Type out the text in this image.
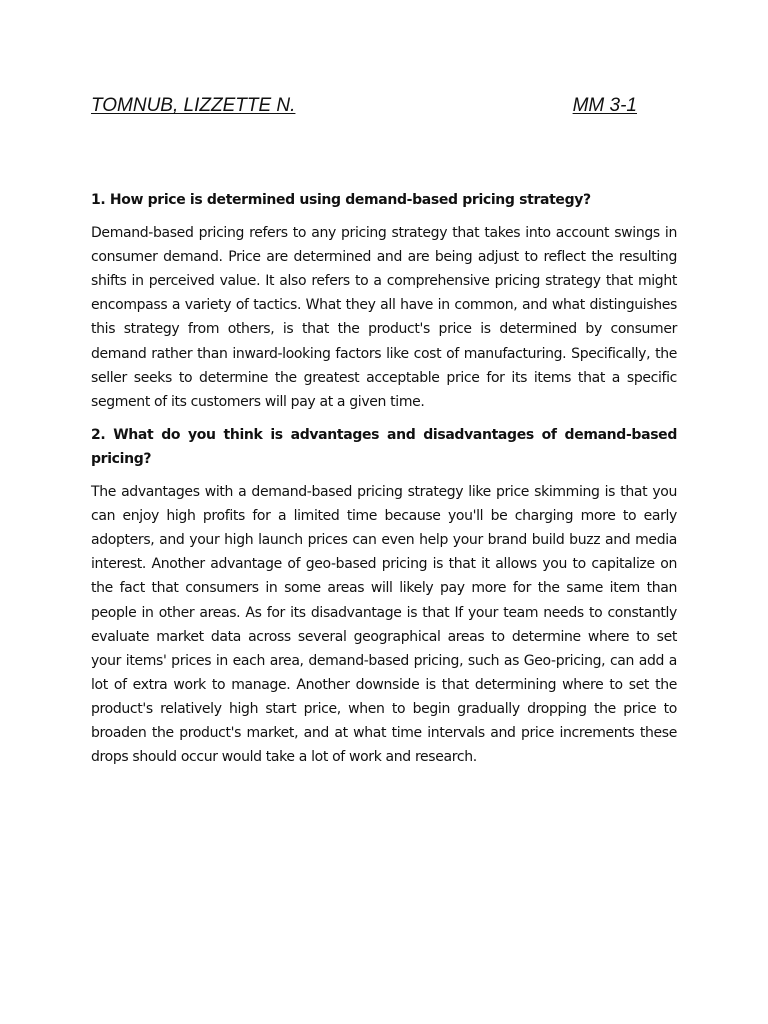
TOMNUB, LIZZETTE N.	MM 3-1

1. How price is determined using demand-based pricing strategy?

Demand-based pricing refers to any pricing strategy that takes into account swings in consumer demand. Price are determined and are being adjust to reflect the resulting shifts in perceived value. It also refers to a comprehensive pricing strategy that might encompass a variety of tactics. What they all have in common, and what distinguishes this strategy from others, is that the product's price is determined by consumer demand rather than inward-looking factors like cost of manufacturing. Specifically, the seller seeks to determine the greatest acceptable price for its items that a specific segment of its customers will pay at a given time.

2. What do you think is advantages and disadvantages of demand-based pricing?

The advantages with a demand-based pricing strategy like price skimming is that you can enjoy high profits for a limited time because you'll be charging more to early adopters, and your high launch prices can even help your brand build buzz and media interest. Another advantage of geo-based pricing is that it allows you to capitalize on the fact that consumers in some areas will likely pay more for the same item than people in other areas. As for its disadvantage is that If your team needs to constantly evaluate market data across several geographical areas to determine where to set your items' prices in each area, demand-based pricing, such as Geo-pricing, can add a lot of extra work to manage. Another downside is that determining where to set the product's relatively high start price, when to begin gradually dropping the price to broaden the product's market, and at what time intervals and price increments these drops should occur would take a lot of work and research.
